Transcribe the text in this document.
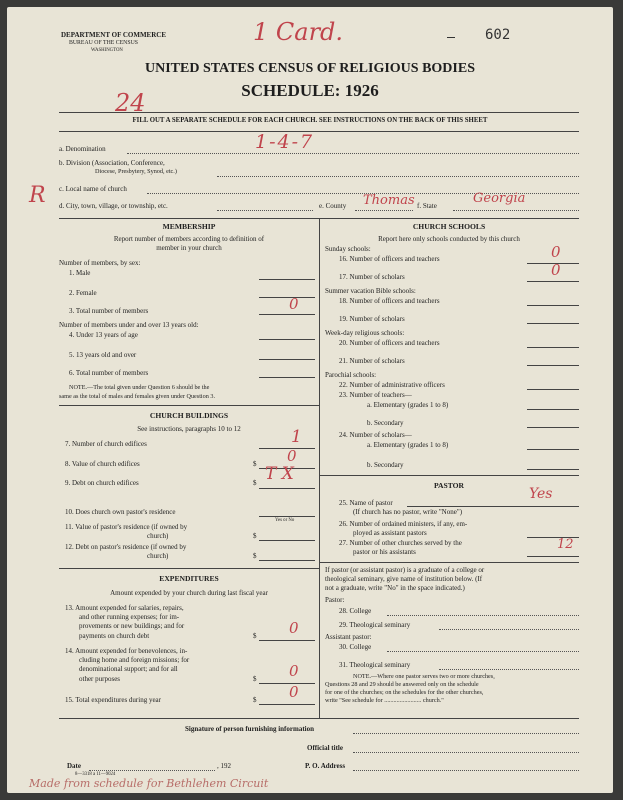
DEPARTMENT OF COMMERCE
BUREAU OF THE CENSUS
WASHINGTON
1 Card.	602
24
UNITED STATES CENSUS OF RELIGIOUS BODIES
SCHEDULE: 1926
FILL OUT A SEPARATE SCHEDULE FOR EACH CHURCH. SEE INSTRUCTIONS ON THE BACK OF THIS SHEET
a. Denomination	1-4-7
b. Division (Association, Conference,
Diocese, Presbytery, Synod, etc.)
R c. Local name of church
d. City, town, village, or township, etc.	e. County Thomas f. State	Georgia
MEMBERSHIP
Report number of members according to definition of
member in your church
Number of members, by sex:
1. Male
2. Female
3. Total number of members	0
Number of members under and over 13 years old:
4. Under 13 years of age
5. 13 years old and over
6. Total number of members
NOTE.—The total given under Question 6 should be the
same as the total of males and females given under Question 3.
CHURCH BUILDINGS
See instructions, paragraphs 10 to 12
7. Number of church edifices	1
8. Value of church edifices	$ 0
9. Debt on church edifices	$ T X
10. Does church own pastor's residence
Yes or No
11. Value of pastor's residence (if owned by
church)	$
12. Debt on pastor's residence (if owned by
church)	$
EXPENDITURES
Amount expended by your church during last fiscal year
13. Amount expended for salaries, repairs,
and other running expenses; for im-
provements or new buildings; and for
payments on church debt	$ 0
14. Amount expended for benevolences, in-
cluding home and foreign missions; for
denominational support; and for all
other purposes	$ 0
15. Total expenditures during year	$ 0
CHURCH SCHOOLS
Report here only schools conducted by this church
Sunday schools:
16. Number of officers and teachers	0
17. Number of scholars	0
Summer vacation Bible schools:
18. Number of officers and teachers
19. Number of scholars
Week-day religious schools:
20. Number of officers and teachers
21. Number of scholars
Parochial schools:
22. Number of administrative officers
23. Number of teachers—
a. Elementary (grades 1 to 8)
b. Secondary
24. Number of scholars—
a. Elementary (grades 1 to 8)
b. Secondary
PASTOR
25. Name of pastor
Yes
(If church has no pastor, write "None")
26. Number of ordained ministers, if any, em-
ployed as assistant pastors
27. Number of other churches served by the
pastor or his assistants	12
If pastor (or assistant pastor) is a graduate of a college or
theological seminary, give name of institution below. (If
not a graduate, write "No" in the space indicated.)
Pastor:
28. College
29. Theological seminary
Assistant pastor:
30. College
31. Theological seminary
NOTE.—Where one pastor serves two or more churches,
Questions 28 and 29 should be answered only on the schedule
for one of the churches; on the schedules for the other churches,
write "See schedule for ........................ church."
Signature of person furnishing information
Official title
Date	, 192	P. O. Address
8—3318 a 11—9024
Made from schedule for Bethlehem Circuit
